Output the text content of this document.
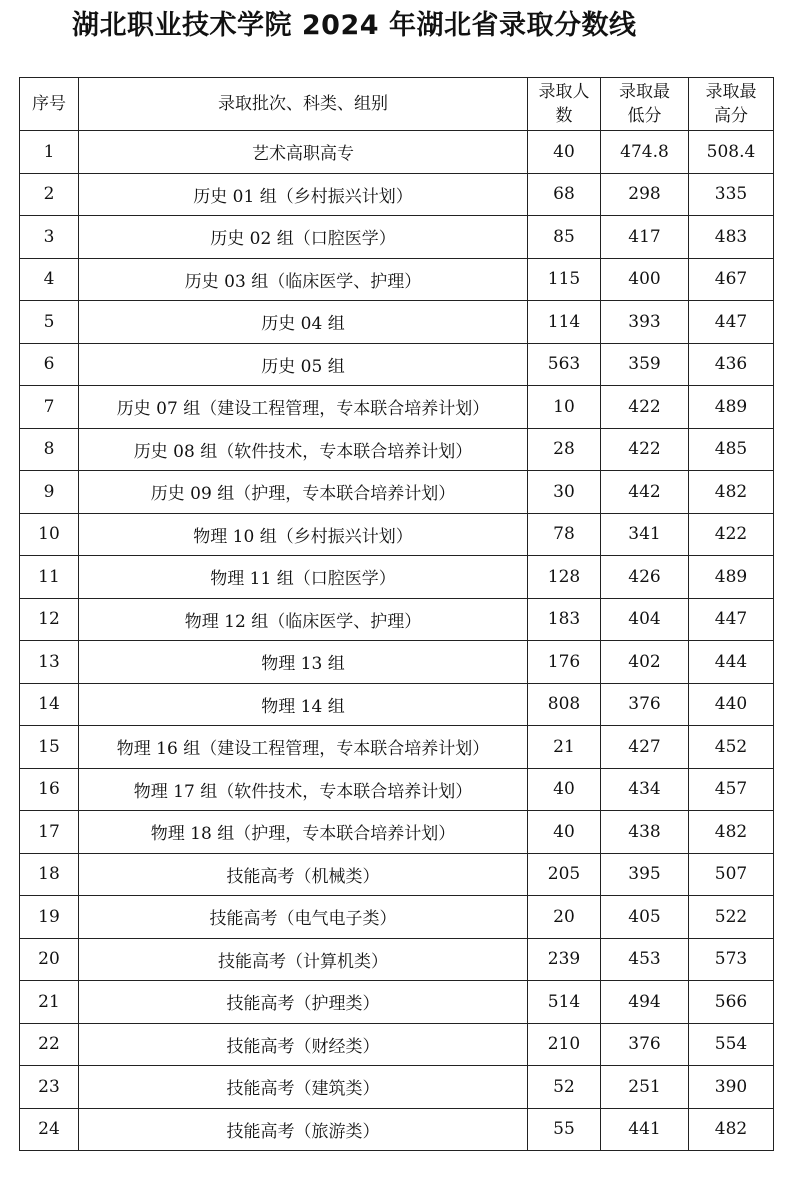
湖北职业技术学院 2024 年湖北省录取分数线
序号	录取批次、科类、组别	录取人数	录取最低分	录取最高分
1	艺术高职高专	40	474.8	508.4
2	历史 01 组（乡村振兴计划）	68	298	335
3	历史 02 组（口腔医学）	85	417	483
4	历史 03 组（临床医学、护理）	115	400	467
5	历史 04 组	114	393	447
6	历史 05 组	563	359	436
7	历史 07 组（建设工程管理，专本联合培养计划）	10	422	489
8	历史 08 组（软件技术，专本联合培养计划）	28	422	485
9	历史 09 组（护理，专本联合培养计划）	30	442	482
10	物理 10 组（乡村振兴计划）	78	341	422
11	物理 11 组（口腔医学）	128	426	489
12	物理 12 组（临床医学、护理）	183	404	447
13	物理 13 组	176	402	444
14	物理 14 组	808	376	440
15	物理 16 组（建设工程管理，专本联合培养计划）	21	427	452
16	物理 17 组（软件技术，专本联合培养计划）	40	434	457
17	物理 18 组（护理，专本联合培养计划）	40	438	482
18	技能高考（机械类）	205	395	507
19	技能高考（电气电子类）	20	405	522
20	技能高考（计算机类）	239	453	573
21	技能高考（护理类）	514	494	566
22	技能高考（财经类）	210	376	554
23	技能高考（建筑类）	52	251	390
24	技能高考（旅游类）	55	441	482
